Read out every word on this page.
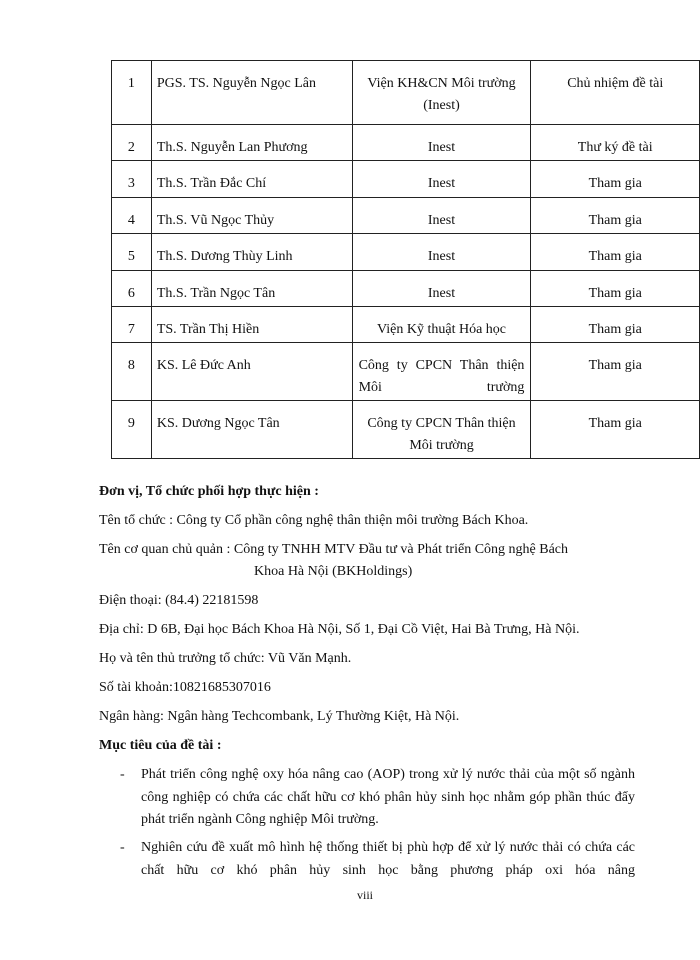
1	PGS. TS. Nguyễn Ngọc Lân	Viện KH&CN Môi trường (Inest)	Chủ nhiệm đề tài
2	Th.S. Nguyễn Lan Phương	Inest	Thư ký đề tài
3	Th.S. Trần Đắc Chí	Inest	Tham gia
4	Th.S. Vũ Ngọc Thủy	Inest	Tham gia
5	Th.S. Dương Thùy Linh	Inest	Tham gia
6	Th.S. Trần Ngọc Tân	Inest	Tham gia
7	TS. Trần Thị Hiền	Viện Kỹ thuật Hóa học	Tham gia
8	KS. Lê Đức Anh	Công ty CPCN Thân thiện Môi trường	Tham gia
9	KS. Dương Ngọc Tân	Công ty CPCN Thân thiện Môi trường	Tham gia
Đơn vị, Tổ chức phối hợp thực hiện :
Tên tổ chức : Công ty Cổ phần công nghệ thân thiện môi trường Bách Khoa.
Tên cơ quan chủ quản : Công ty TNHH MTV Đầu tư và Phát triển Công nghệ Bách
Khoa Hà Nội (BKHoldings)
Điện thoại: (84.4) 22181598
Địa chỉ: D 6B, Đại học Bách Khoa Hà Nội, Số 1, Đại Cồ Việt, Hai Bà Trưng, Hà Nội.
Họ và tên thủ trưởng tổ chức: Vũ Văn Mạnh.
Số tài khoản:10821685307016
Ngân hàng: Ngân hàng Techcombank, Lý Thường Kiệt, Hà Nội.
Mục tiêu của đề tài :
- Phát triển công nghệ oxy hóa nâng cao (AOP) trong xử lý nước thải của một số ngành công nghiệp có chứa các chất hữu cơ khó phân hủy sinh học nhằm góp phần thúc đẩy phát triển ngành Công nghiệp Môi trường.
- Nghiên cứu đề xuất mô hình hệ thống thiết bị phù hợp để xử lý nước thải có chứa các chất hữu cơ khó phân hủy sinh học bằng phương pháp oxi hóa nâng
viii
